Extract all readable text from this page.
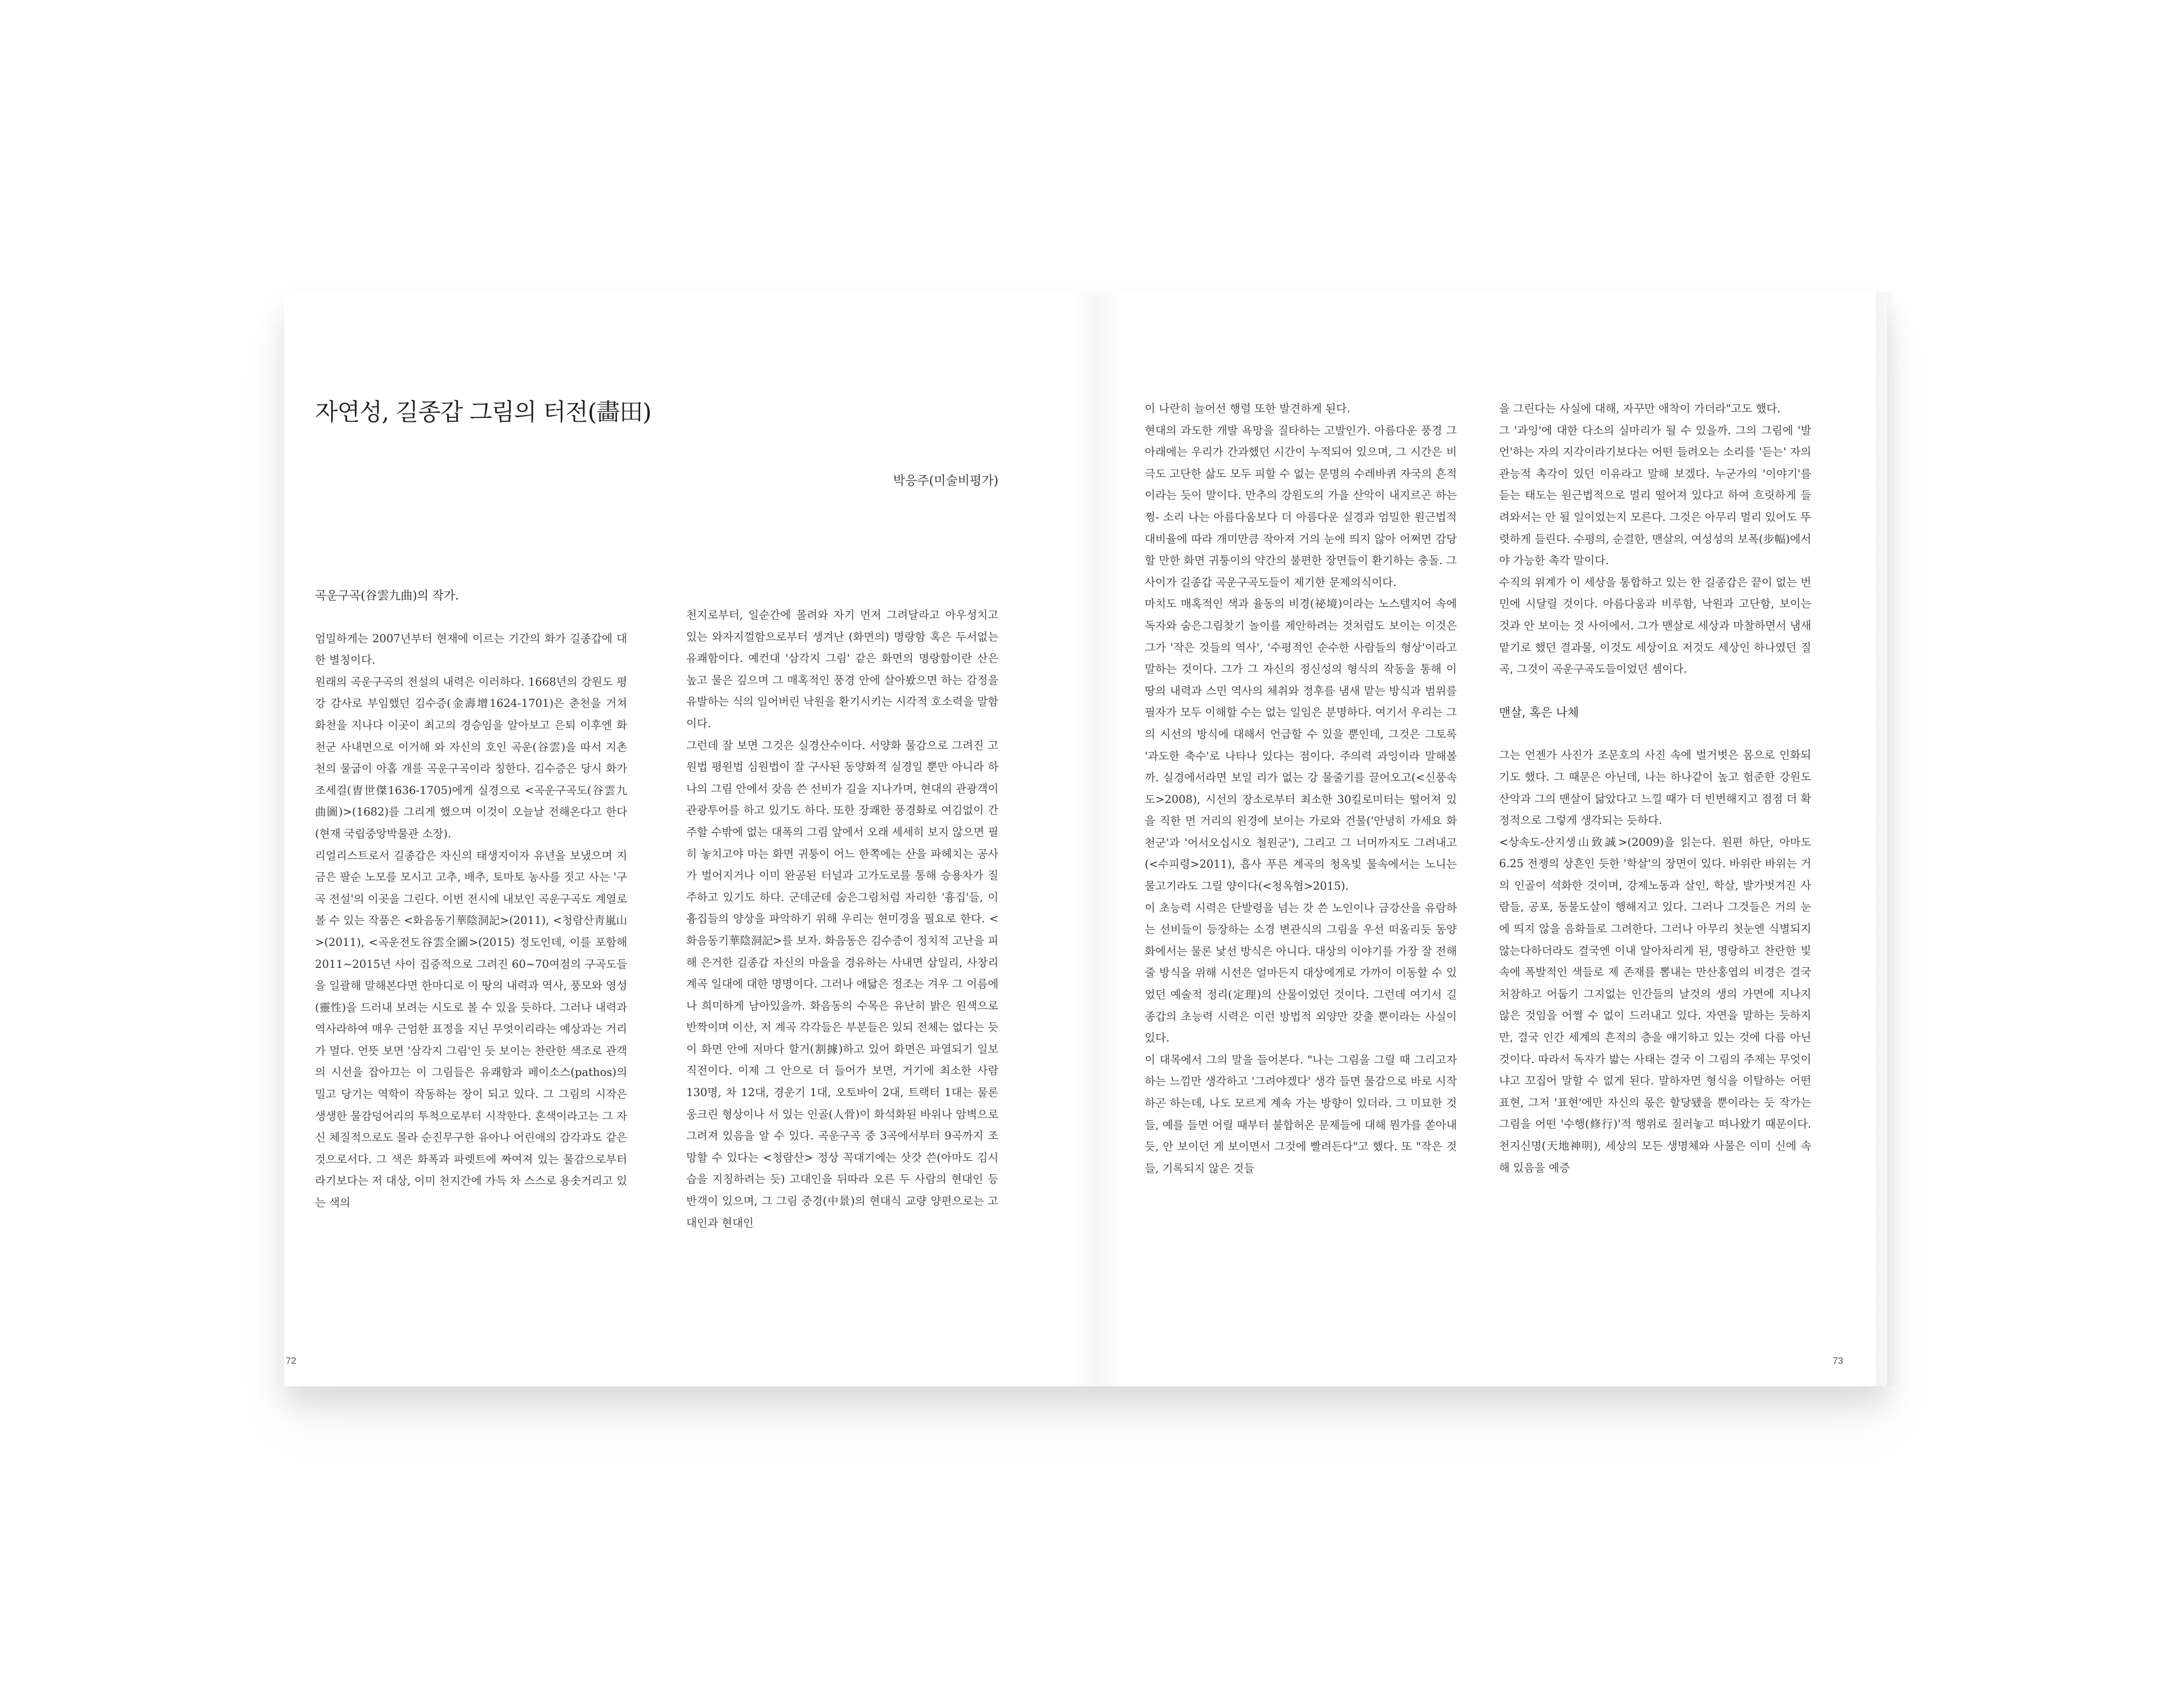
자연성, 길종갑 그림의 터전(畵田)
박응주(미술비평가)

곡운구곡(谷雲九曲)의 작가.

엄밀하게는 2007년부터 현재에 이르는 기간의 화가 길종갑에 대한 별칭이다.

원래의 곡운구곡의 전설의 내력은 이러하다. 1668년의 강원도 평강 감사로 부임했던 김수증(金壽增1624-1701)은 춘천을 거쳐 화천을 지나다 이곳이 최고의 경승임을 알아보고 은퇴 이후엔 화천군 사내면으로 이거해 와 자신의 호인 곡운(谷雲)을 따서 지촌천의 물굽이 아홉 개를 곡운구곡이라 칭한다. 김수증은 당시 화가 조세걸(曺世傑1636-1705)에게 실경으로 <곡운구곡도(谷雲九曲圖)>(1682)를 그리게 했으며 이것이 오늘날 전해온다고 한다(현재 국립중앙박물관 소장).

리얼리스트로서 길종갑은 자신의 태생지이자 유년을 보냈으며 지금은 팔순 노모를 모시고 고추, 배추, 토마토 농사를 짓고 사는 '구곡 전설'의 이곳을 그린다. 이번 전시에 내보인 곡운구곡도 계열로 볼 수 있는 작품은 <화음동기華陰洞記>(2011), <청람산靑嵐山>(2011), <곡운전도谷雲全圖>(2015) 정도인데, 이를 포함해 2011~2015년 사이 집중적으로 그려진 60~70여점의 구곡도들을 일괄해 말해본다면 한마디로 이 땅의 내력과 역사, 풍모와 영성(靈性)을 드러내 보려는 시도로 볼 수 있을 듯하다. 그러나 내력과 역사라하여 매우 근엄한 표정을 지닌 무엇이리라는 예상과는 거리가 멀다. 언뜻 보면 '삼각지 그림'인 듯 보이는 찬란한 색조로 관객의 시선을 잡아끄는 이 그림들은 유쾌함과 페이소스(pathos)의 밀고 당기는 역학이 작동하는 장이 되고 있다. 그 그림의 시작은 생생한 물감덩어리의 투척으로부터 시작한다. 혼색이라고는 그 자신 체질적으로도 몰라 순진무구한 유아나 어린애의 감각과도 같은 것으로서다. 그 색은 화폭과 파렛트에 짜여져 있는 물감으로부터라기보다는 저 대상, 이미 천지간에 가득 차 스스로 용솟거리고 있는 색의

천지로부터, 일순간에 몰려와 자기 먼저 그려달라고 아우성치고 있는 와자지껄함으로부터 생겨난 (화면의) 명랑함 혹은 두서없는 유쾌함이다. 예컨대 '삼각지 그림' 같은 화면의 명랑함이란 산은 높고 물은 깊으며 그 매혹적인 풍경 안에 살아봤으면 하는 감정을 유발하는 식의 일어버린 낙원을 환기시키는 시각적 호소력을 말함이다.

그런데 잘 보면 그것은 실경산수이다. 서양화 물감으로 그려진 고원법 평원법 심원법이 잘 구사된 동양화적 실경일 뿐만 아니라 하나의 그림 안에서 잦음 쓴 선비가 길을 지나가며, 현대의 관광객이 관광투어를 하고 있기도 하다. 또한 장쾌한 풍경화로 여김없이 간주할 수밖에 없는 대폭의 그림 앞에서 오래 세세히 보지 않으면 필히 놓치고야 마는 화면 귀퉁이 어느 한쪽에는 산을 파헤치는 공사가 벌어지거나 이미 완공된 터널과 고가도로를 통해 승용차가 질주하고 있기도 하다. 군데군데 숨은그림처럼 자리한 '흉집'들, 이 흉집들의 양상을 파악하기 위해 우리는 현미경을 필요로 한다. <화음동기華陰洞記>를 보자. 화음동은 김수증이 정치적 고난을 피해 은거한 길종갑 자신의 마을을 경유하는 사내면 삼일리, 사창리 계곡 일대에 대한 명명이다. 그러나 애닯은 정조는 겨우 그 이름에나 희미하게 남아있을까. 화음동의 수목은 유난히 밝은 원색으로 반짝이며 이산, 저 계곡 각각들은 부분들은 있되 전체는 없다는 듯이 화면 안에 저마다 할거(割據)하고 있어 화면은 파열되기 일보 직전이다. 이제 그 안으로 더 들어가 보면, 거기에 최소한 사람 130명, 차 12대, 경운기 1대, 오토바이 2대, 트랙터 1대는 물론 웅크린 형상이나 서 있는 인골(人骨)이 화석화된 바위나 암벽으로 그려져 있음을 알 수 있다. 곡운구곡 중 3곡에서부터 9곡까지 조망할 수 있다는 <청람산> 정상 꼭대기에는 삿갓 쓴(아마도 김시습을 지칭하려는 듯) 고대인을 뒤따라 오른 두 사람의 현대인 등반객이 있으며, 그 그림 중경(中景)의 현대식 교량 양편으로는 고대인과 현대인

이 나란히 늘어선 행렬 또한 발견하게 된다.

현대의 과도한 개발 욕망을 질타하는 고발인가. 아름다운 풍경 그 아래에는 우리가 간과했던 시간이 누적되어 있으며, 그 시간은 비극도 고단한 삶도 모두 피할 수 없는 문명의 수레바퀴 자국의 흔적이라는 듯이 말이다. 만추의 강원도의 가을 산악이 내지르곤 하는 쩡- 소리 나는 아름다움보다 더 아름다운 실경과 엄밀한 원근법적 대비율에 따라 개미만큼 작아져 거의 눈에 띄지 않아 어쩌면 감당할 만한 화면 귀퉁이의 약간의 불편한 장면들이 환기하는 충돌. 그 사이가 길종갑 곡운구곡도들이 제기한 문제의식이다.

마치도 매혹적인 색과 율동의 비경(祕境)이라는 노스텔지어 속에 독자와 숨은그림찾기 놀이를 제안하려는 것처럼도 보이는 이것은 그가 '작은 것들의 역사', '수평적인 순수한 사람들의 형상'이라고 말하는 것이다. 그가 그 자신의 정신성의 형식의 작동을 통해 이 땅의 내력과 스민 역사의 체취와 정후를 냄새 맡는 방식과 범위를 필자가 모두 이해할 수는 없는 일임은 분명하다. 여기서 우리는 그의 시선의 방식에 대해서 언급할 수 있을 뿐인데, 그것은 그토록 '과도한 축수'로 나타나 있다는 점이다. 주의력 과잉이라 말해볼까. 실경에서라면 보일 리가 없는 강 물줄기를 끌어오고(<신풍속도>2008), 시선의 장소로부터 최소한 30킬로미터는 떨어져 있을 직한 먼 거리의 원경에 보이는 가로와 건물('안녕히 가세요 화천군'과 '어서오십시오 철원군'), 그리고 그 너머까지도 그려내고(<수피령>2011), 흡사 푸른 계곡의 청옥빛 물속에서는 노니는 물고기라도 그릴 양이다(<청옥협>2015).

이 초능력 시력은 단발령을 넘는 갓 쓴 노인이나 금강산을 유람하는 선비들이 등장하는 소경 변관식의 그림을 우선 떠올리듯 동양화에서는 물론 낯선 방식은 아니다. 대상의 이야기를 가장 잘 전해줄 방식을 위해 시선은 얼마든지 대상에게로 가까이 이동할 수 있었던 예술적 정리(定理)의 산물이었던 것이다. 그런데 여기서 길종갑의 초능력 시력은 이런 방법적 외양만 갖출 뿐이라는 사실이 있다.

이 대목에서 그의 말을 들어본다. "나는 그림을 그릴 때 그리고자 하는 느낌만 생각하고 '그려야겠다' 생각 들면 물감으로 바로 시작하곤 하는데, 나도 모르게 계속 가는 방향이 있더라. 그 미묘한 것들, 예를 들면 어릴 때부터 불합허온 문제들에 대해 뭔가를 쏟아내듯, 안 보이던 게 보이면서 그것에 빨려든다"고 했다. 또 "작은 것들, 기록되지 않은 것들

을 그린다는 사실에 대해, 자꾸만 애착이 가더라"고도 했다.

그 '과잉'에 대한 다소의 실마리가 될 수 있을까. 그의 그림에 '발언'하는 자의 지각이라기보다는 어떤 들려오는 소리를 '듣는' 자의 관능적 촉각이 있던 이유라고 말해 보겠다. 누군가의 '이야기'를 듣는 태도는 원근법적으로 멀리 떨어져 있다고 하여 흐릿하게 들려와서는 안 될 일이었는지 모른다. 그것은 아무리 멀리 있어도 뚜렷하게 들린다. 수평의, 순결한, 맨살의, 여성성의 보폭(步幅)에서야 가능한 촉각 말이다.

수직의 위계가 이 세상을 통합하고 있는 한 길종갑은 끝이 없는 번민에 시달릴 것이다. 아름다움과 비루함, 낙원과 고단함, 보이는 것과 안 보이는 것 사이에서. 그가 맨살로 세상과 마찰하면서 냄새 맡기로 했던 결과물, 이것도 세상이요 저것도 세상인 하나였던 질곡, 그것이 곡운구곡도들이었던 셈이다.

맨살, 혹은 나체

그는 언젠가 사진가 조문호의 사진 속에 벌거벗은 몸으로 인화되기도 했다. 그 때문은 아닌데, 나는 하나같이 높고 험준한 강원도 산악과 그의 맨살이 닮았다고 느낄 때가 더 빈번해지고 점점 더 확정적으로 그렇게 생각되는 듯하다.

<상속도-산지생山致誠>(2009)을 읽는다. 원편 하단, 아마도 6.25 전쟁의 상흔인 듯한 '학살'의 장면이 있다. 바위란 바위는 거의 인골이 석화한 것이며, 강제노동과 살인, 학살, 발가벗겨진 사람들, 공포, 동물도살이 행해지고 있다. 그러나 그것들은 거의 눈에 띄지 않을 음화들로 그려한다. 그러나 아무리 첫눈엔 식별되지 않는다하더라도 결국엔 이내 알아차리게 된, 명랑하고 찬란한 빛 속에 폭발적인 색들로 제 존재를 뽐내는 만산홍엽의 비경은 결국 처참하고 어둡기 그지없는 인간들의 날것의 생의 가면에 지나지 않은 것임을 어쩔 수 없이 드러내고 있다. 자연을 말하는 듯하지만, 결국 인간 세계의 흔적의 층을 얘기하고 있는 것에 다름 아닌 것이다. 따라서 독자가 밟는 사태는 결국 이 그림의 주제는 무엇이냐고 꼬집어 말할 수 없게 된다. 말하자면 형식을 이탈하는 어떤 표현, 그저 '표현'에만 자신의 몫은 할당됐을 뿐이라는 듯 작가는 그림을 어떤 '수행(修行)'적 행위로 질러놓고 떠나왔기 때문이다. 천지신명(天地神明), 세상의 모든 생명체와 사물은 이미 신에 속해 있음을 예증

72	73
